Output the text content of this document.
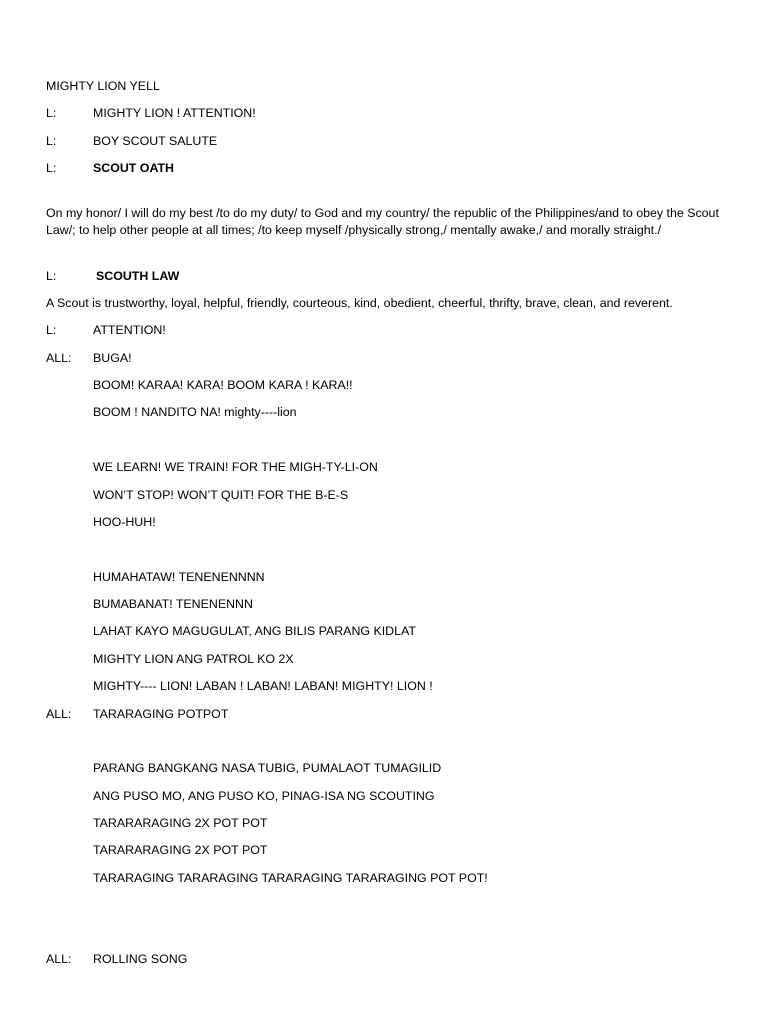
MIGHTY LION YELL
L:	MIGHTY LION ! ATTENTION!
L:	BOY SCOUT SALUTE
L:	SCOUT OATH
On my honor/ I will do my best /to do my duty/ to God and my country/ the republic of the Philippines/and to obey the Scout Law/; to help other people at all times; /to keep myself /physically strong,/ mentally awake,/ and morally straight./
L:	SCOUTH LAW
A Scout is trustworthy, loyal, helpful, friendly, courteous, kind, obedient, cheerful, thrifty, brave, clean, and reverent.
L:	ATTENTION!
ALL: BUGA!
BOOM! KARAA! KARA! BOOM KARA ! KARA!!
BOOM ! NANDITO NA! mighty----lion
WE LEARN! WE TRAIN! FOR THE MIGH-TY-LI-ON
WON’T STOP! WON’T QUIT! FOR THE B-E-S
HOO-HUH!
HUMAHATAW! TENENENNNN
BUMABANAT! TENENENNN
LAHAT KAYO MAGUGULAT, ANG BILIS PARANG KIDLAT
MIGHTY LION ANG PATROL KO 2X
MIGHTY---- LION! LABAN ! LABAN! LABAN! MIGHTY! LION !
ALL: TARARAGING POTPOT
PARANG BANGKANG NASA TUBIG, PUMALAOT TUMAGILID
ANG PUSO MO, ANG PUSO KO, PINAG-ISA NG SCOUTING
TARARARAGING 2X POT POT
TARARARAGING 2X POT POT
TARARAGING TARARAGING TARARAGING TARARAGING POT POT!
ALL: ROLLING SONG
